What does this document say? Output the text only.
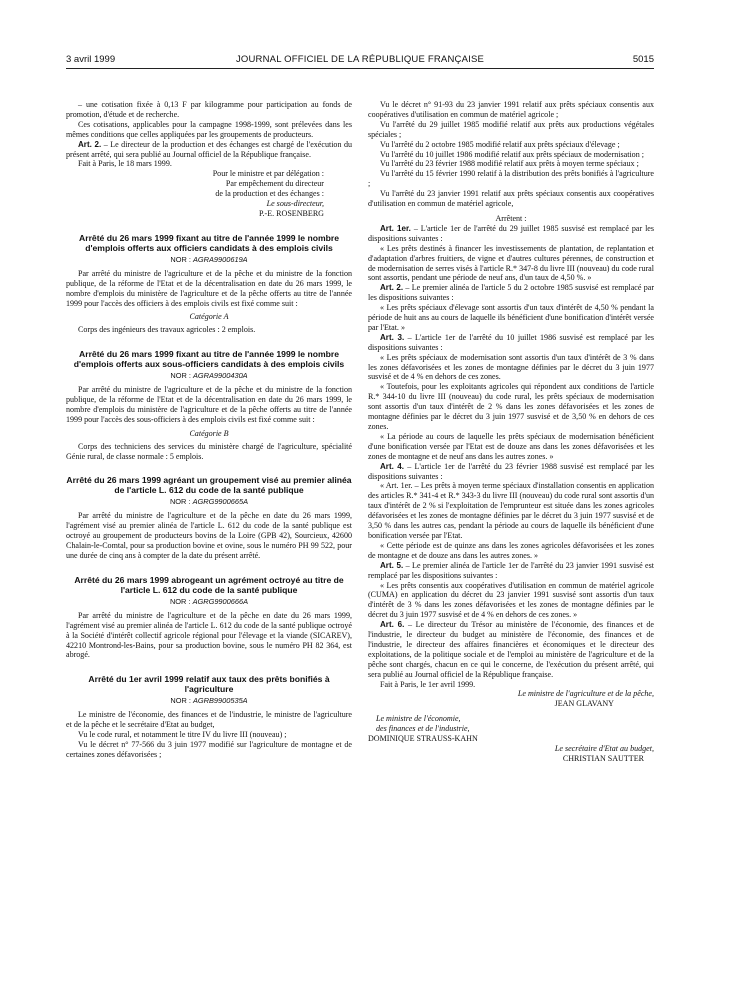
3 avril 1999	JOURNAL OFFICIEL DE LA RÉPUBLIQUE FRANÇAISE	5015

– une cotisation fixée à 0,13 F par kilogramme pour participation au fonds de promotion, d'étude et de recherche.

Ces cotisations, applicables pour la campagne 1998-1999, sont prélevées dans les mêmes conditions que celles appliquées par les groupements de producteurs.

Art. 2. – Le directeur de la production et des échanges est chargé de l'exécution du présent arrêté, qui sera publié au Journal officiel de la République française.

Fait à Paris, le 18 mars 1999.

Pour le ministre et par délégation :

Par empêchement du directeur

de la production et des échanges :

Le sous-directeur,

P.-E. ROSENBERG

Arrêté du 26 mars 1999 fixant au titre de l'année 1999 le nombre d'emplois offerts aux officiers candidats à des emplois civils
NOR : AGRA9900619A

Par arrêté du ministre de l'agriculture et de la pêche et du ministre de la fonction publique, de la réforme de l'Etat et de la décentralisation en date du 26 mars 1999, le nombre d'emplois du ministère de l'agriculture et de la pêche offerts au titre de l'année 1999 pour l'accès des officiers à des emplois civils est fixé comme suit :

Catégorie A

Corps des ingénieurs des travaux agricoles : 2 emplois.

Arrêté du 26 mars 1999 fixant au titre de l'année 1999 le nombre d'emplois offerts aux sous-officiers candidats à des emplois civils
NOR : AGRA9900430A

Par arrêté du ministre de l'agriculture et de la pêche et du ministre de la fonction publique, de la réforme de l'Etat et de la décentralisation en date du 26 mars 1999, le nombre d'emplois du ministère de l'agriculture et de la pêche offerts au titre de l'année 1999 pour l'accès des sous-officiers à des emplois civils est fixé comme suit :

Catégorie B

Corps des techniciens des services du ministère chargé de l'agriculture, spécialité Génie rural, de classe normale : 5 emplois.

Arrêté du 26 mars 1999 agréant un groupement visé au premier alinéa de l'article L. 612 du code de la santé publique
NOR : AGRG9900665A

Par arrêté du ministre de l'agriculture et de la pêche en date du 26 mars 1999, l'agrément visé au premier alinéa de l'article L. 612 du code de la santé publique est octroyé au groupement de producteurs bovins de la Loire (GPB 42), Sourcieux, 42600 Chalain-le-Comtal, pour sa production bovine et ovine, sous le numéro PH 99 522, pour une durée de cinq ans à compter de la date du présent arrêté.

Arrêté du 26 mars 1999 abrogeant un agrément octroyé au titre de l'article L. 612 du code de la santé publique
NOR : AGRG9900666A

Par arrêté du ministre de l'agriculture et de la pêche en date du 26 mars 1999, l'agrément visé au premier alinéa de l'article L. 612 du code de la santé publique octroyé à la Société d'intérêt collectif agricole régional pour l'élevage et la viande (SICAREV), 42210 Montrond-les-Bains, pour sa production bovine, sous le numéro PH 82 364, est abrogé.

Arrêté du 1er avril 1999 relatif aux taux des prêts bonifiés à l'agriculture
NOR : AGRB9900535A

Le ministre de l'économie, des finances et de l'industrie, le ministre de l'agriculture et de la pêche et le secrétaire d'Etat au budget,

Vu le code rural, et notamment le titre IV du livre III (nouveau) ;

Vu le décret n° 77-566 du 3 juin 1977 modifié sur l'agriculture de montagne et de certaines zones défavorisées ;

Vu le décret n° 91-93 du 23 janvier 1991 relatif aux prêts spéciaux consentis aux coopératives d'utilisation en commun de matériel agricole ;

Vu l'arrêté du 29 juillet 1985 modifié relatif aux prêts aux productions végétales spéciales ;

Vu l'arrêté du 2 octobre 1985 modifié relatif aux prêts spéciaux d'élevage ;

Vu l'arrêté du 10 juillet 1986 modifié relatif aux prêts spéciaux de modernisation ;

Vu l'arrêté du 23 février 1988 modifié relatif aux prêts à moyen terme spéciaux ;

Vu l'arrêté du 15 février 1990 relatif à la distribution des prêts bonifiés à l'agriculture ;

Vu l'arrêté du 23 janvier 1991 relatif aux prêts spéciaux consentis aux coopératives d'utilisation en commun de matériel agricole,

Arrêtent :

Art. 1er. – L'article 1er de l'arrêté du 29 juillet 1985 susvisé est remplacé par les dispositions suivantes :

« Les prêts destinés à financer les investissements de plantation, de replantation et d'adaptation d'arbres fruitiers, de vigne et d'autres cultures pérennes, de construction et de modernisation de serres visés à l'article R.* 347-8 du livre III (nouveau) du code rural sont assortis, pendant une période de neuf ans, d'un taux de 4,50 %. »

Art. 2. – Le premier alinéa de l'article 5 du 2 octobre 1985 susvisé est remplacé par les dispositions suivantes :

« Les prêts spéciaux d'élevage sont assortis d'un taux d'intérêt de 4,50 % pendant la période de huit ans au cours de laquelle ils bénéficient d'une bonification d'intérêt versée par l'Etat. »

Art. 3. – L'article 1er de l'arrêté du 10 juillet 1986 susvisé est remplacé par les dispositions suivantes :

« Les prêts spéciaux de modernisation sont assortis d'un taux d'intérêt de 3 % dans les zones défavorisées et les zones de montagne définies par le décret du 3 juin 1977 susvisé et de 4 % en dehors de ces zones.

« Toutefois, pour les exploitants agricoles qui répondent aux conditions de l'article R.* 344-10 du livre III (nouveau) du code rural, les prêts spéciaux de modernisation sont assortis d'un taux d'intérêt de 2 % dans les zones défavorisées et les zones de montagne définies par le décret du 3 juin 1977 susvisé et de 3,50 % en dehors de ces zones.

« La période au cours de laquelle les prêts spéciaux de modernisation bénéficient d'une bonification versée par l'Etat est de douze ans dans les zones défavorisées et les zones de montagne et de neuf ans dans les autres zones. »

Art. 4. – L'article 1er de l'arrêté du 23 février 1988 susvisé est remplacé par les dispositions suivantes :

« Art. 1er. – Les prêts à moyen terme spéciaux d'installation consentis en application des articles R.* 341-4 et R.* 343-3 du livre III (nouveau) du code rural sont assortis d'un taux d'intérêt de 2 % si l'exploitation de l'emprunteur est située dans les zones agricoles défavorisées et les zones de montagne définies par le décret du 3 juin 1977 susvisé et de 3,50 % dans les autres cas, pendant la période au cours de laquelle ils bénéficient d'une bonification versée par l'Etat.

« Cette période est de quinze ans dans les zones agricoles défavorisées et les zones de montagne et de douze ans dans les autres zones. »

Art. 5. – Le premier alinéa de l'article 1er de l'arrêté du 23 janvier 1991 susvisé est remplacé par les dispositions suivantes :

« Les prêts consentis aux coopératives d'utilisation en commun de matériel agricole (CUMA) en application du décret du 23 janvier 1991 susvisé sont assortis d'un taux d'intérêt de 3 % dans les zones défavorisées et les zones de montagne définies par le décret du 3 juin 1977 susvisé et de 4 % en dehors de ces zones. »

Art. 6. – Le directeur du Trésor au ministère de l'économie, des finances et de l'industrie, le directeur du budget au ministère de l'économie, des finances et de l'industrie, le directeur des affaires financières et économiques et le directeur des exploitations, de la politique sociale et de l'emploi au ministère de l'agriculture et de la pêche sont chargés, chacun en ce qui le concerne, de l'exécution du présent arrêté, qui sera publié au Journal officiel de la République française.

Fait à Paris, le 1er avril 1999.

Le ministre de l'agriculture et de la pêche,

JEAN GLAVANY

Le ministre de l'économie,

des finances et de l'industrie,

DOMINIQUE STRAUSS-KAHN

Le secrétaire d'Etat au budget,

CHRISTIAN SAUTTER
